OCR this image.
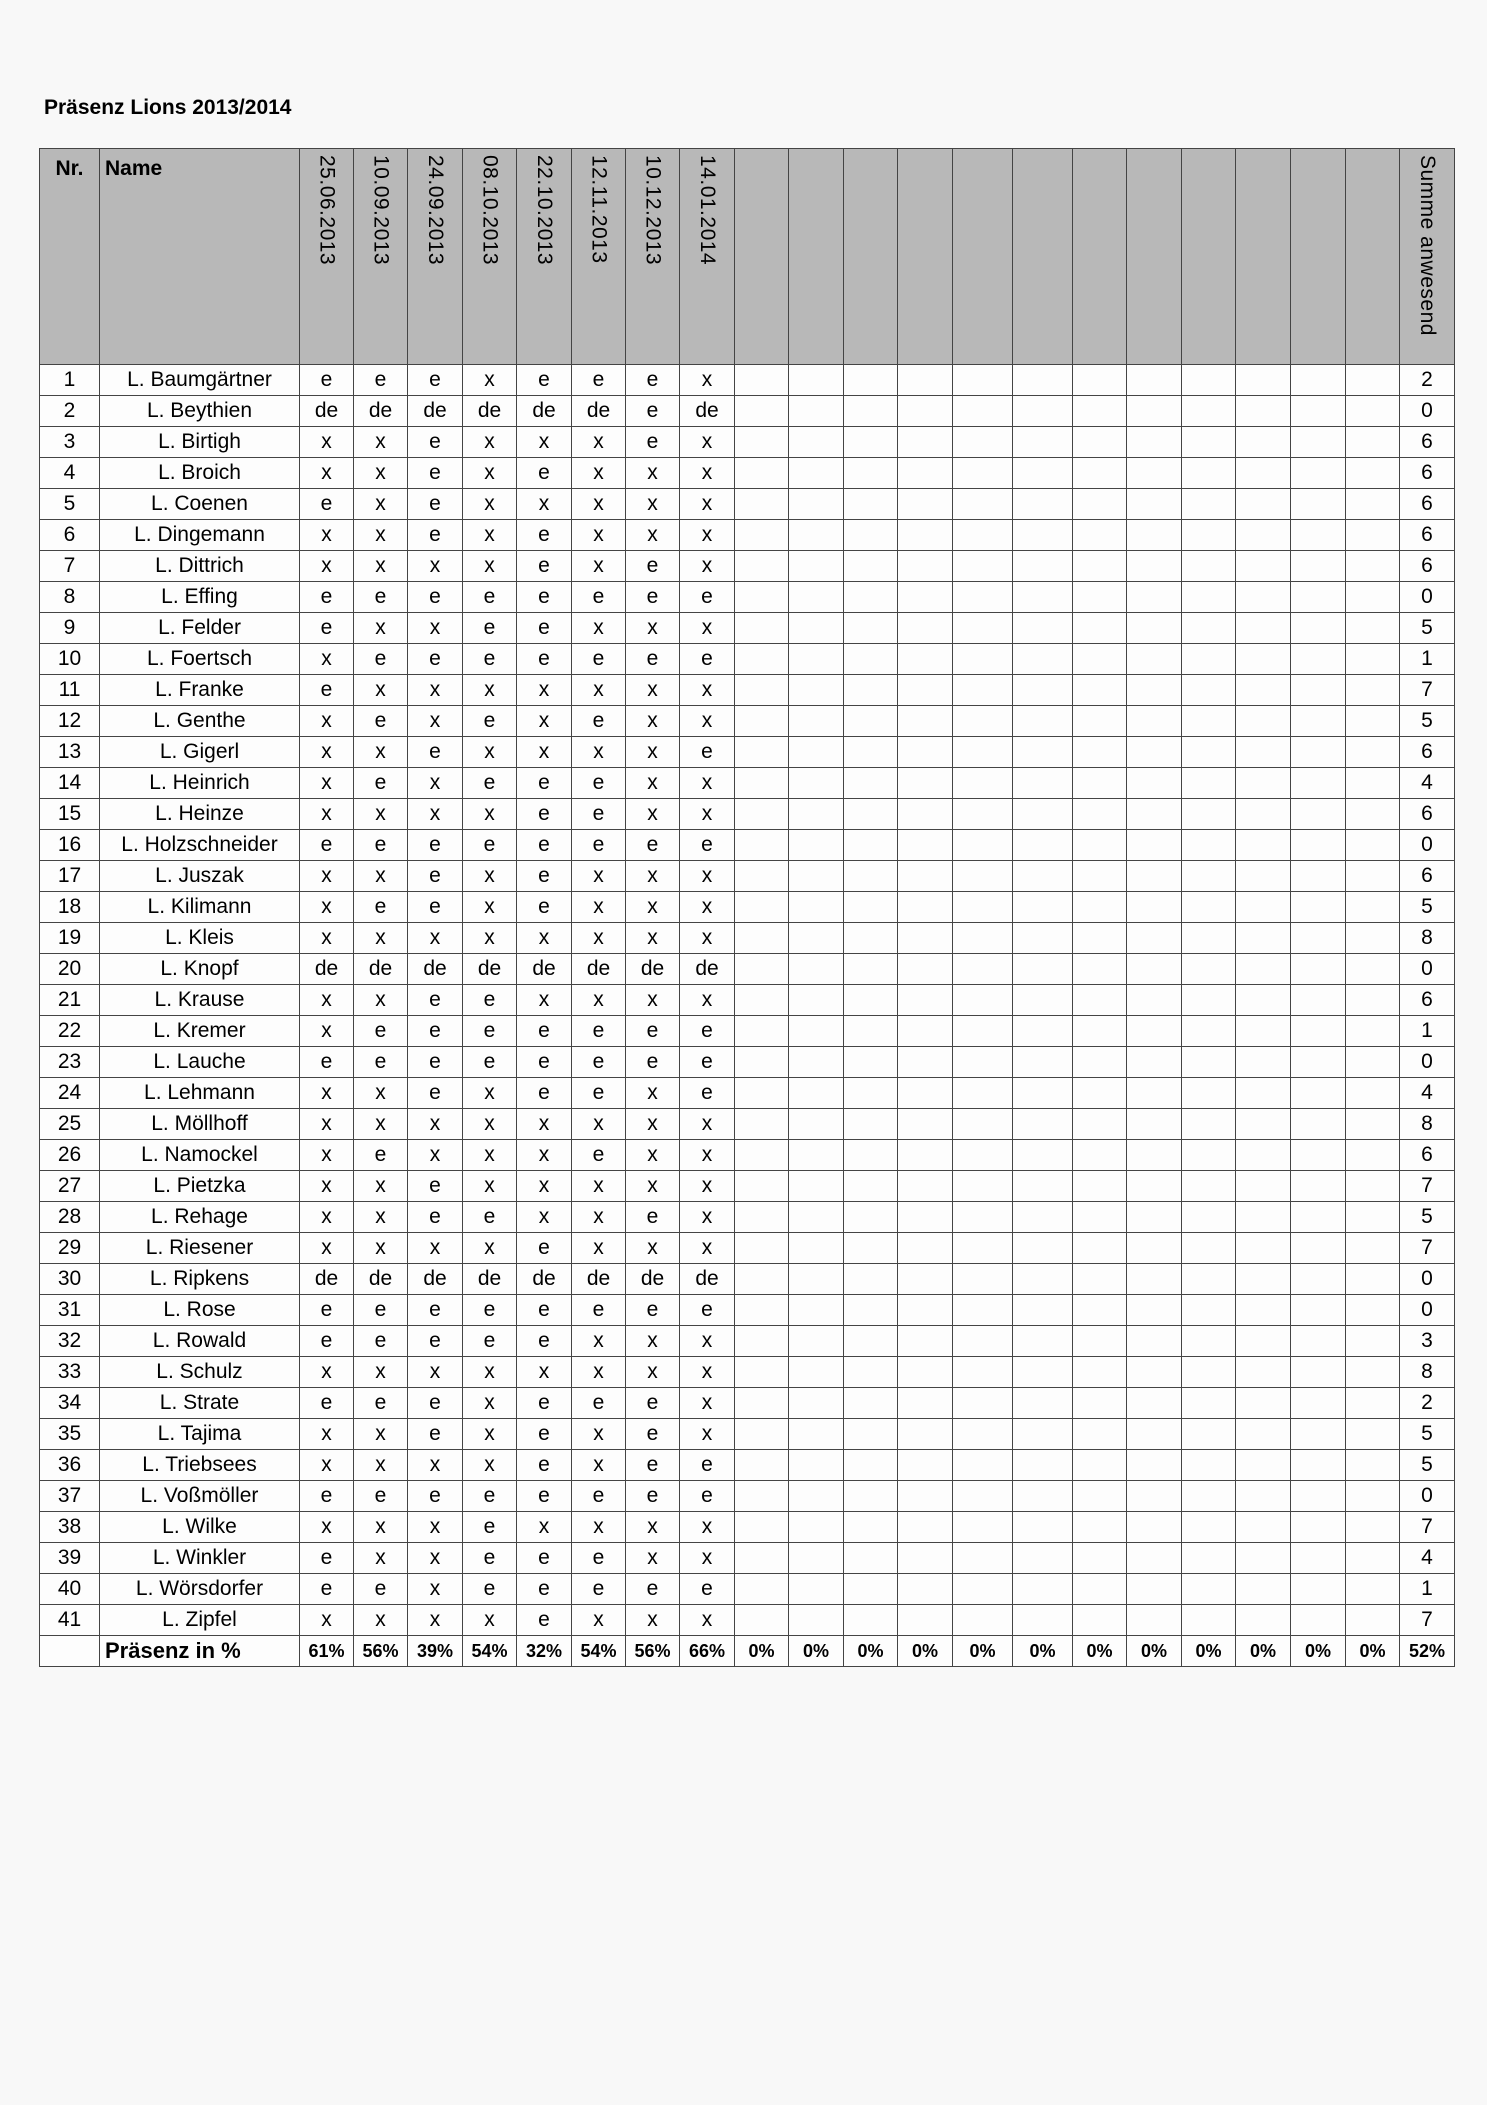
Präsenz Lions 2013/2014
Nr.	Name	25.06.2013	10.09.2013	24.09.2013	08.10.2013	22.10.2013	12.11.2013	10.12.2013	14.01.2014													Summe anwesend
1	L. Baumgärtner	e	e	e	x	e	e	e	x													2
2	L. Beythien	de	de	de	de	de	de	e	de													0
3	L. Birtigh	x	x	e	x	x	x	e	x													6
4	L. Broich	x	x	e	x	e	x	x	x													6
5	L. Coenen	e	x	e	x	x	x	x	x													6
6	L. Dingemann	x	x	e	x	e	x	x	x													6
7	L. Dittrich	x	x	x	x	e	x	e	x													6
8	L. Effing	e	e	e	e	e	e	e	e													0
9	L. Felder	e	x	x	e	e	x	x	x													5
10	L. Foertsch	x	e	e	e	e	e	e	e													1
11	L. Franke	e	x	x	x	x	x	x	x													7
12	L. Genthe	x	e	x	e	x	e	x	x													5
13	L. Gigerl	x	x	e	x	x	x	x	e													6
14	L. Heinrich	x	e	x	e	e	e	x	x													4
15	L. Heinze	x	x	x	x	e	e	x	x													6
16	L. Holzschneider	e	e	e	e	e	e	e	e													0
17	L. Juszak	x	x	e	x	e	x	x	x													6
18	L. Kilimann	x	e	e	x	e	x	x	x													5
19	L. Kleis	x	x	x	x	x	x	x	x													8
20	L. Knopf	de	de	de	de	de	de	de	de													0
21	L. Krause	x	x	e	e	x	x	x	x													6
22	L. Kremer	x	e	e	e	e	e	e	e													1
23	L. Lauche	e	e	e	e	e	e	e	e													0
24	L. Lehmann	x	x	e	x	e	e	x	e													4
25	L. Möllhoff	x	x	x	x	x	x	x	x													8
26	L. Namockel	x	e	x	x	x	e	x	x													6
27	L. Pietzka	x	x	e	x	x	x	x	x													7
28	L. Rehage	x	x	e	e	x	x	e	x													5
29	L. Riesener	x	x	x	x	e	x	x	x													7
30	L. Ripkens	de	de	de	de	de	de	de	de													0
31	L. Rose	e	e	e	e	e	e	e	e													0
32	L. Rowald	e	e	e	e	e	x	x	x													3
33	L. Schulz	x	x	x	x	x	x	x	x													8
34	L. Strate	e	e	e	x	e	e	e	x													2
35	L. Tajima	x	x	e	x	e	x	e	x													5
36	L. Triebsees	x	x	x	x	e	x	e	e													5
37	L. Voßmöller	e	e	e	e	e	e	e	e													0
38	L. Wilke	x	x	x	e	x	x	x	x													7
39	L. Winkler	e	x	x	e	e	e	x	x													4
40	L. Wörsdorfer	e	e	x	e	e	e	e	e													1
41	L. Zipfel	x	x	x	x	e	x	x	x													7
	Präsenz in %	61%	56%	39%	54%	32%	54%	56%	66%	0%	0%	0%	0%	0%	0%	0%	0%	0%	0%	0%	0%	52%
